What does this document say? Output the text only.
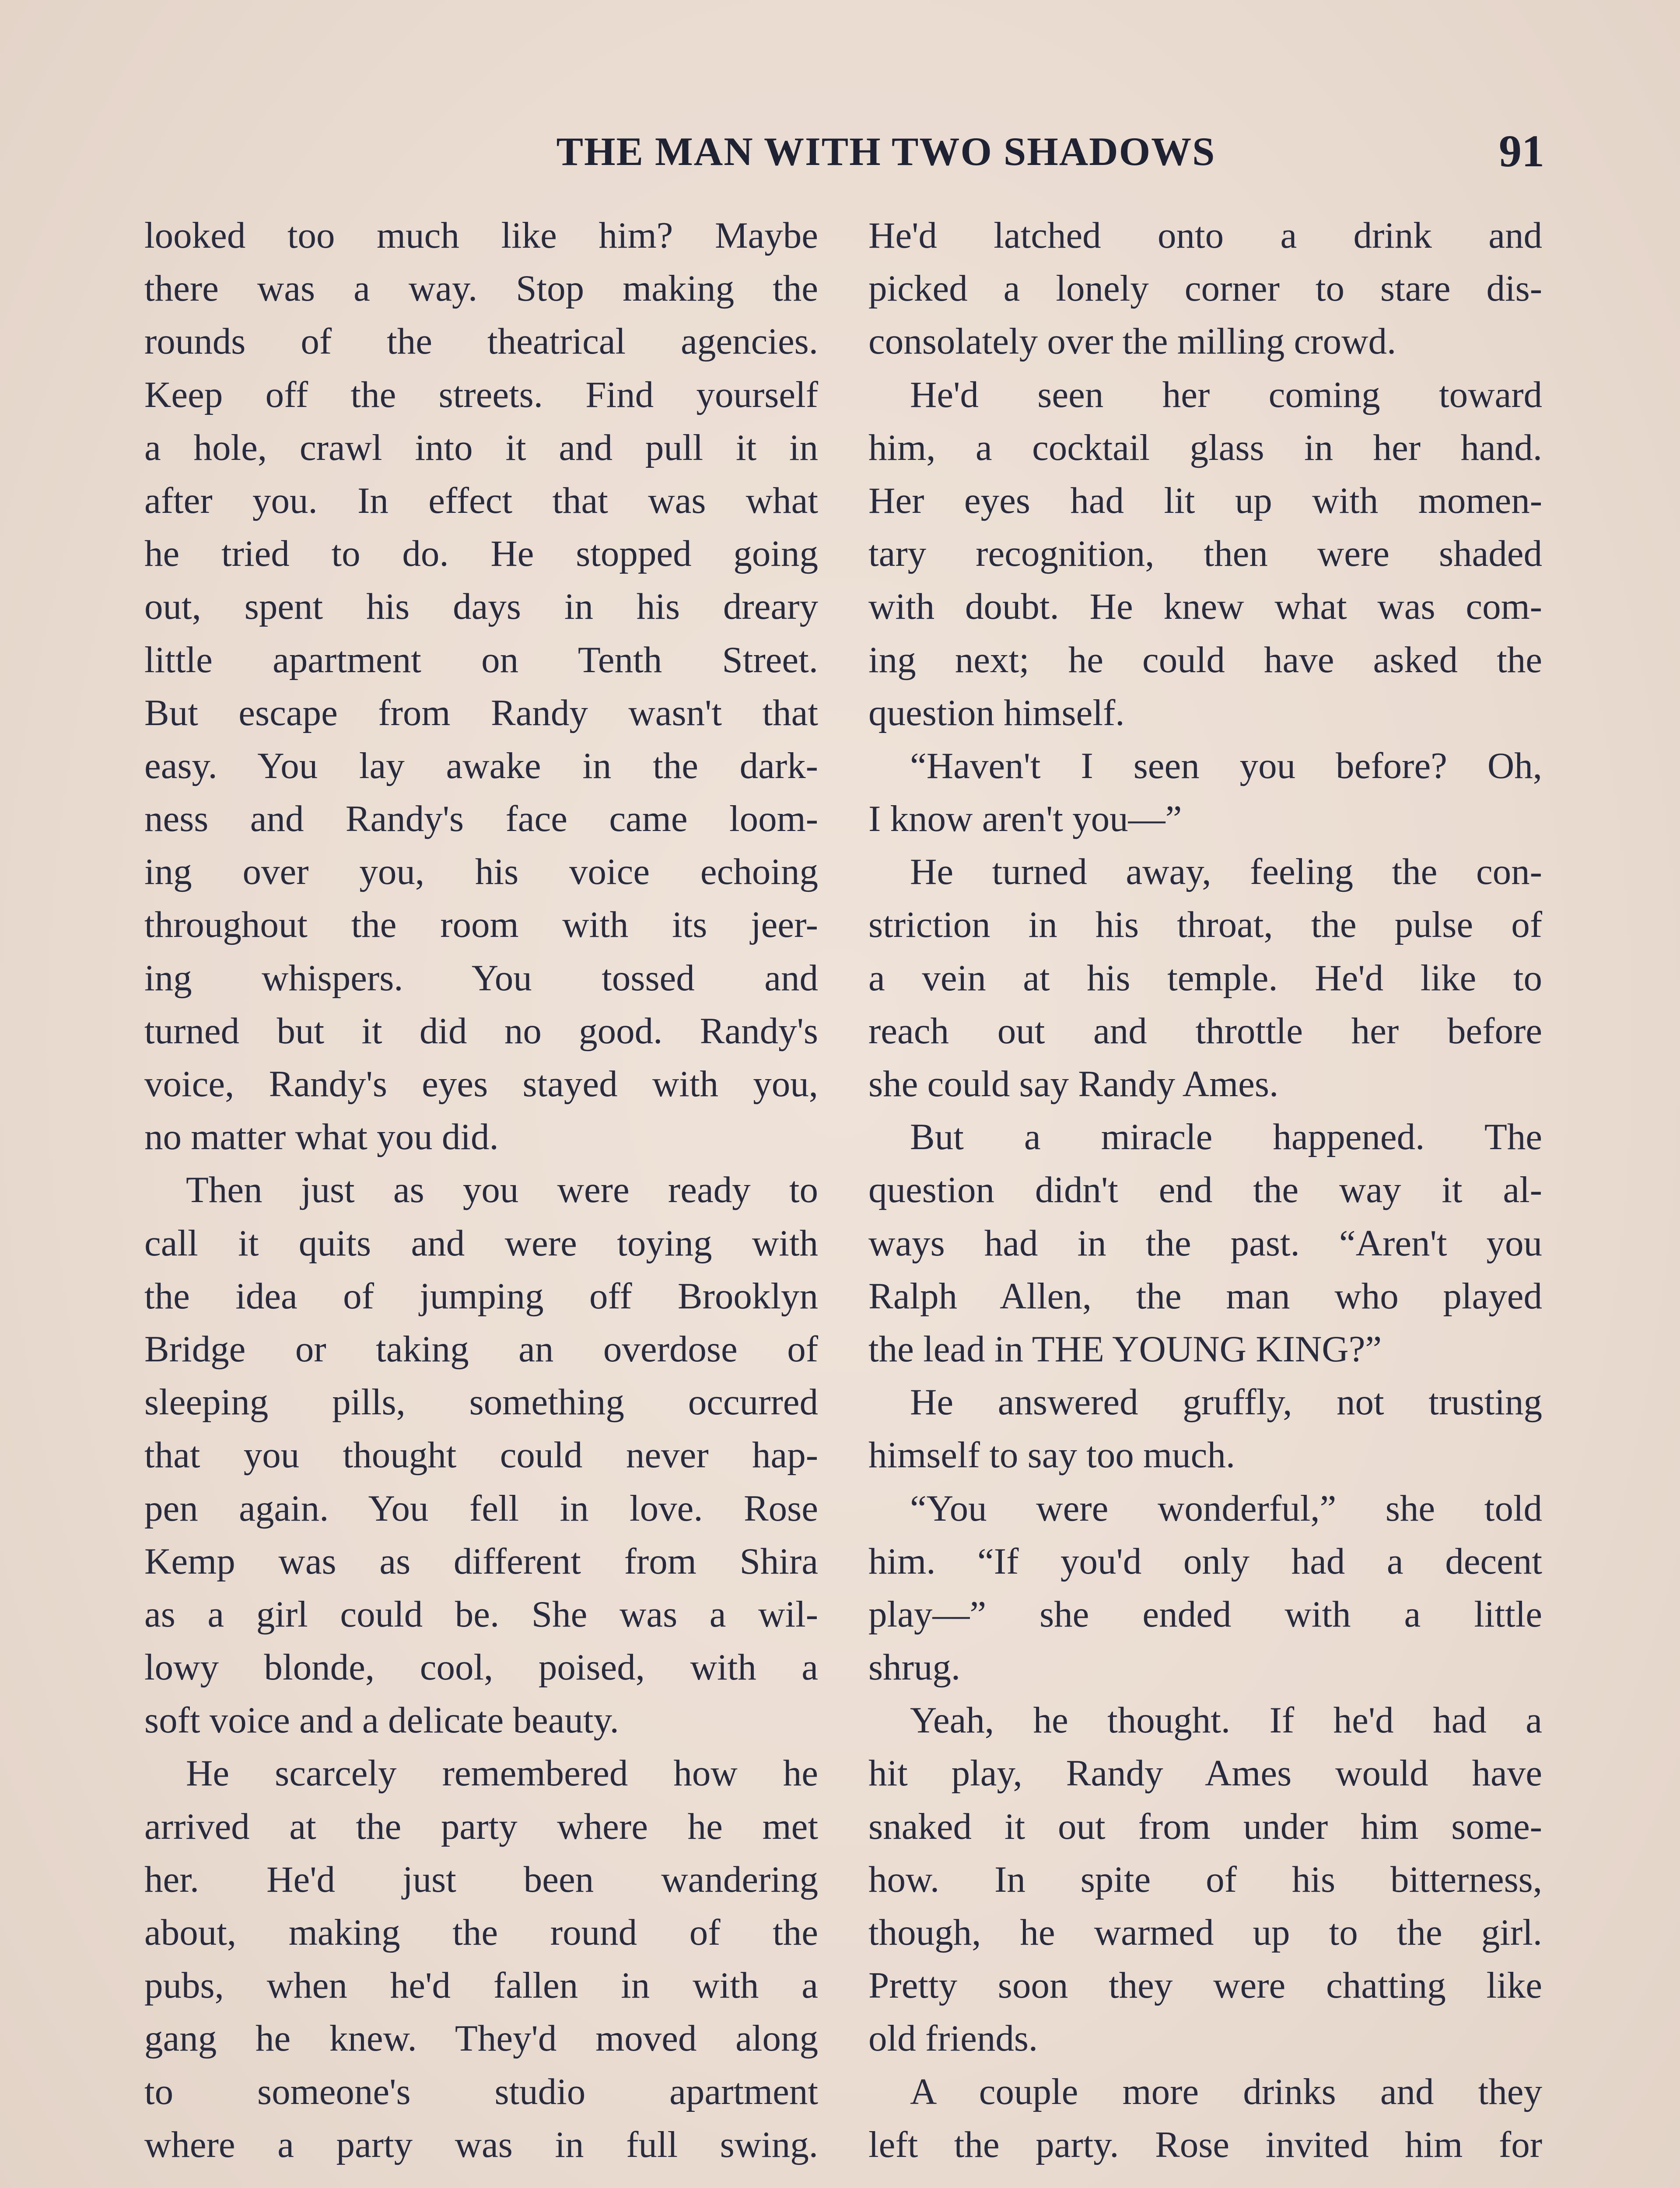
THE MAN WITH TWO SHADOWS	91
looked too much like him? Maybe
there was a way. Stop making the
rounds of the theatrical agencies.
Keep off the streets. Find yourself
a hole, crawl into it and pull it in
after you. In effect that was what
he tried to do. He stopped going
out, spent his days in his dreary
little apartment on Tenth Street.
But escape from Randy wasn't that
easy. You lay awake in the dark-
ness and Randy's face came loom-
ing over you, his voice echoing
throughout the room with its jeer-
ing whispers. You tossed and
turned but it did no good. Randy's
voice, Randy's eyes stayed with you,
no matter what you did.
Then just as you were ready to
call it quits and were toying with
the idea of jumping off Brooklyn
Bridge or taking an overdose of
sleeping pills, something occurred
that you thought could never hap-
pen again. You fell in love. Rose
Kemp was as different from Shira
as a girl could be. She was a wil-
lowy blonde, cool, poised, with a
soft voice and a delicate beauty.
He scarcely remembered how he
arrived at the party where he met
her. He'd just been wandering
about, making the round of the
pubs, when he'd fallen in with a
gang he knew. They'd moved along
to someone's studio apartment
where a party was in full swing.
He'd latched onto a drink and
picked a lonely corner to stare dis-
consolately over the milling crowd.
He'd seen her coming toward
him, a cocktail glass in her hand.
Her eyes had lit up with momen-
tary recognition, then were shaded
with doubt. He knew what was com-
ing next; he could have asked the
question himself.
“Haven't I seen you before? Oh,
I know aren't you—”
He turned away, feeling the con-
striction in his throat, the pulse of
a vein at his temple. He'd like to
reach out and throttle her before
she could say Randy Ames.
But a miracle happened. The
question didn't end the way it al-
ways had in the past. “Aren't you
Ralph Allen, the man who played
the lead in THE YOUNG KING?”
He answered gruffly, not trusting
himself to say too much.
“You were wonderful,” she told
him. “If you'd only had a decent
play—” she ended with a little
shrug.
Yeah, he thought. If he'd had a
hit play, Randy Ames would have
snaked it out from under him some-
how. In spite of his bitterness,
though, he warmed up to the girl.
Pretty soon they were chatting like
old friends.
A couple more drinks and they
left the party. Rose invited him for
